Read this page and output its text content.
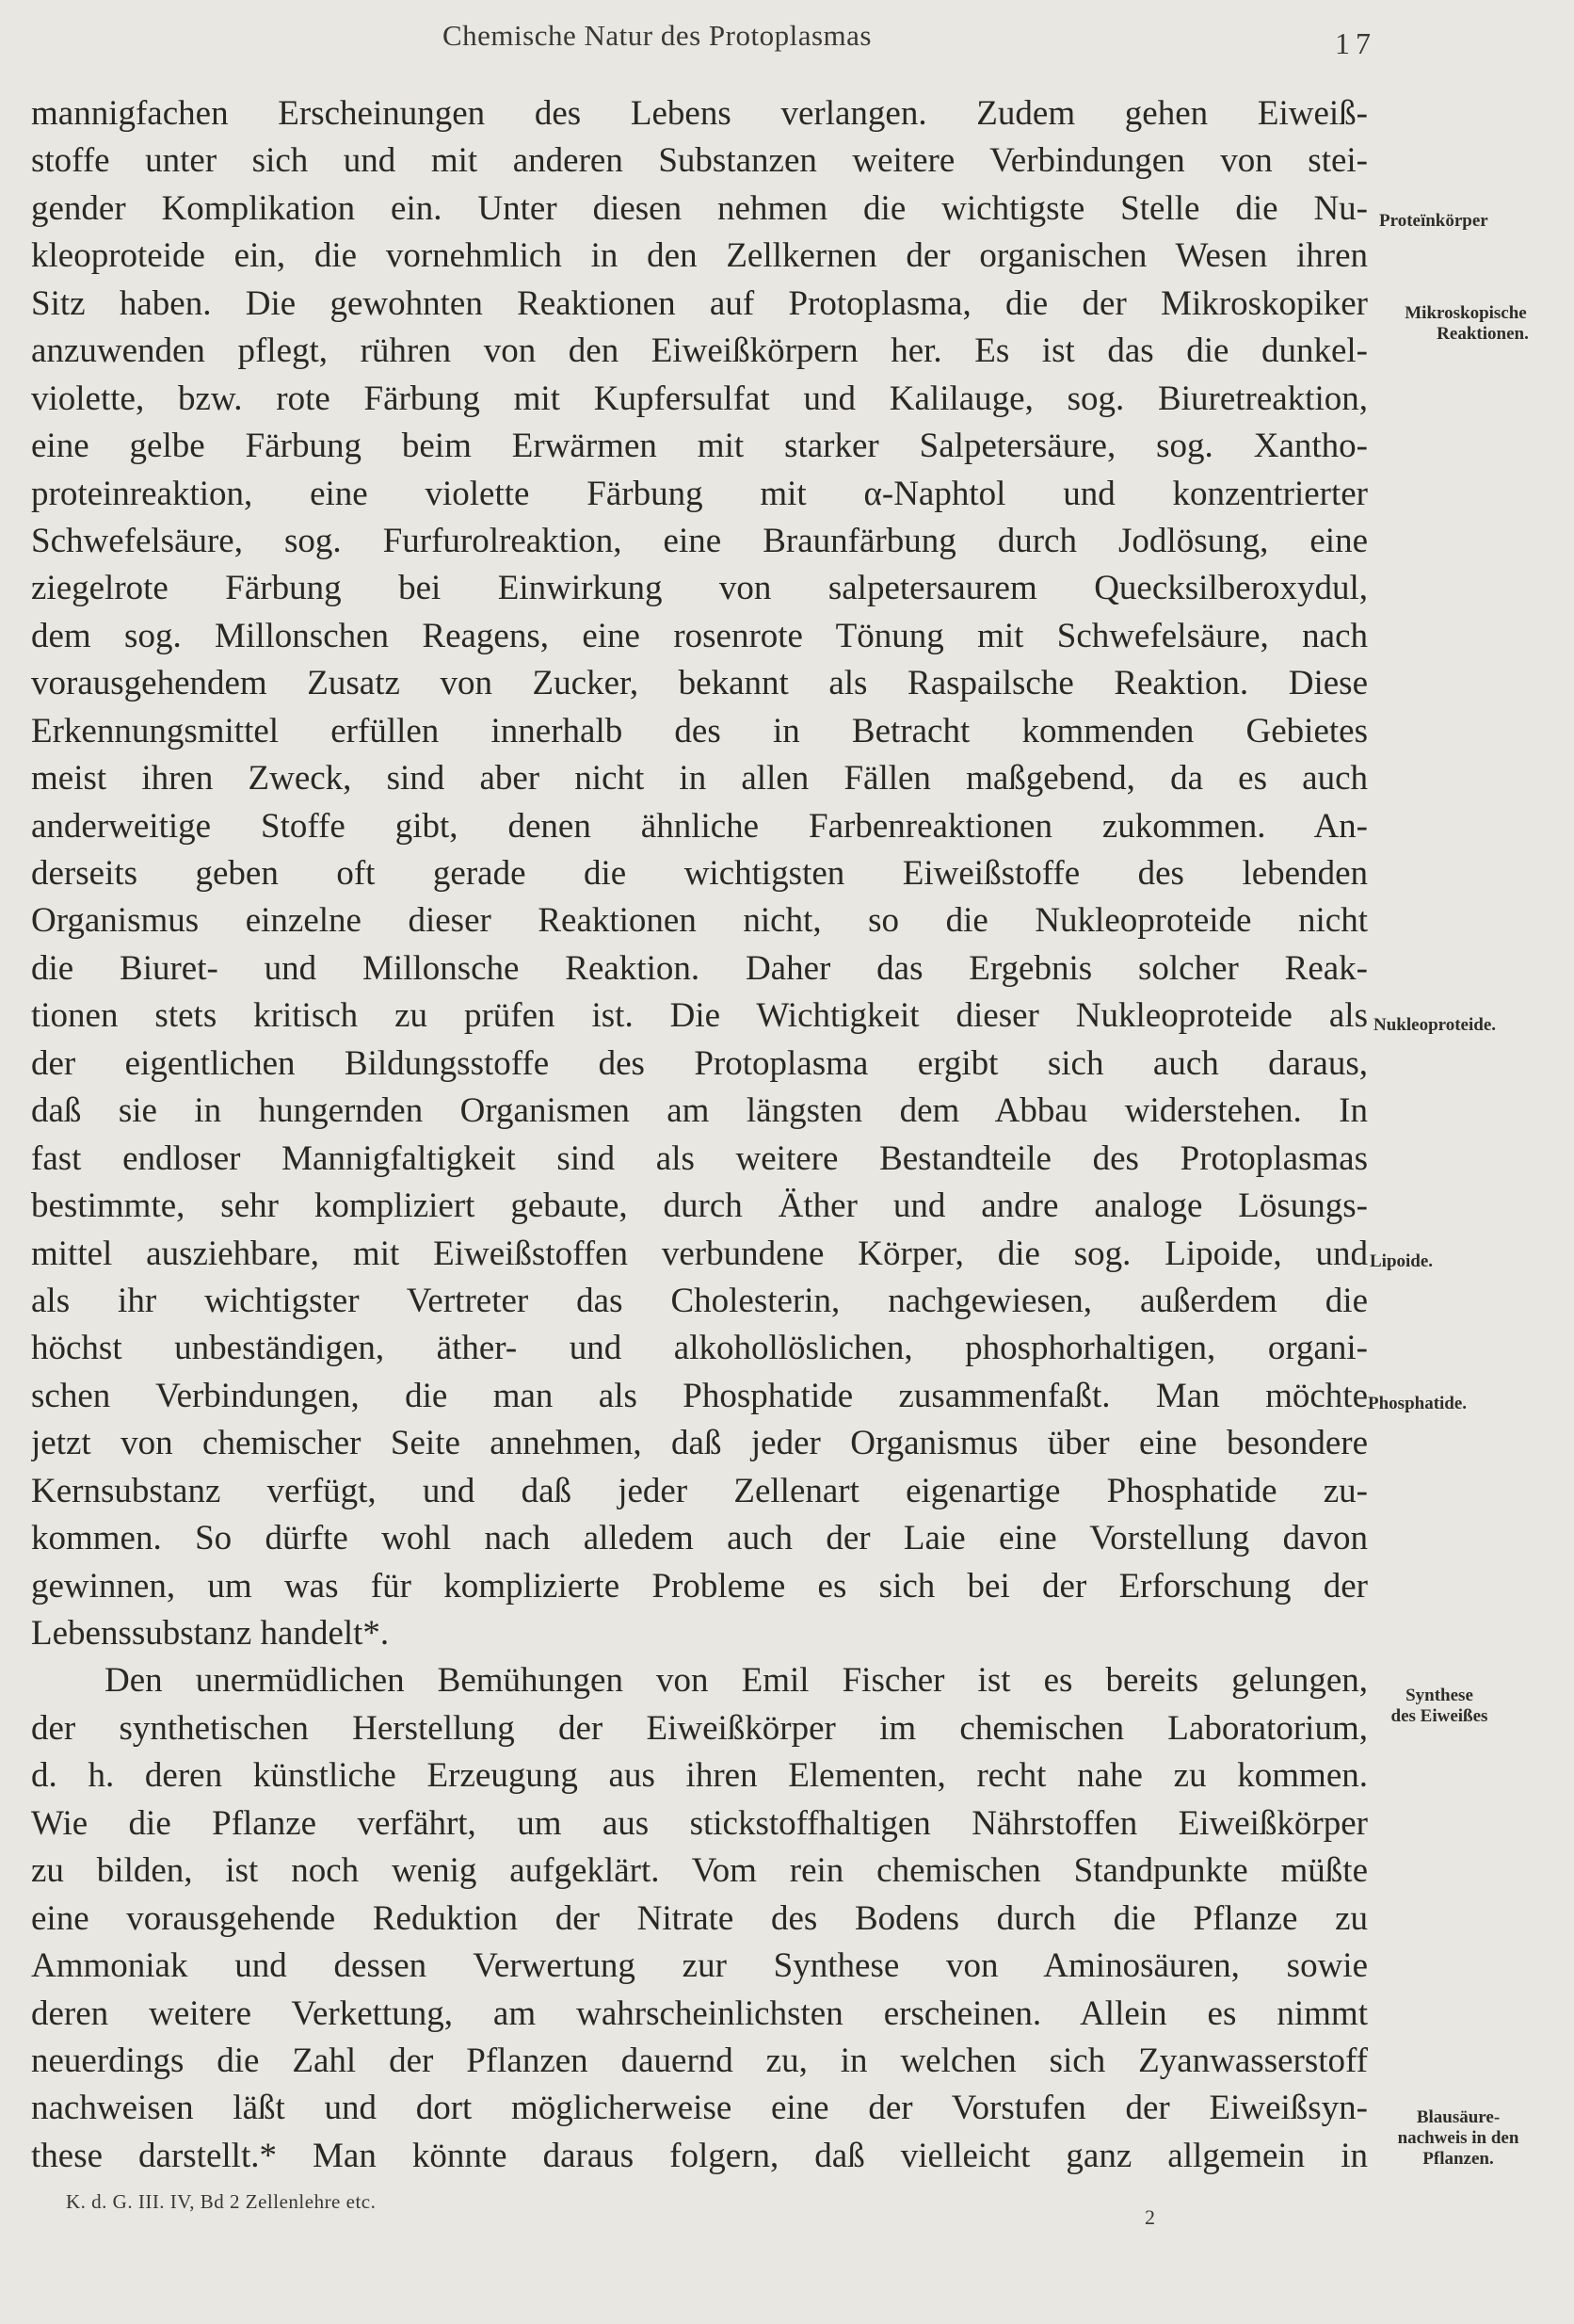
Chemische Natur des Protoplasmas	17
mannigfachen Erscheinungen des Lebens verlangen. Zudem gehen Eiweiß-
stoffe unter sich und mit anderen Substanzen weitere Verbindungen von stei-
gender Komplikation ein. Unter diesen nehmen die wichtigste Stelle die Nu-
kleoproteide ein, die vornehmlich in den Zellkernen der organischen Wesen ihren
Sitz haben. Die gewohnten Reaktionen auf Protoplasma, die der Mikroskopiker
anzuwenden pflegt, rühren von den Eiweißkörpern her. Es ist das die dunkel-
violette, bzw. rote Färbung mit Kupfersulfat und Kalilauge, sog. Biuretreaktion,
eine gelbe Färbung beim Erwärmen mit starker Salpetersäure, sog. Xantho-
proteinreaktion, eine violette Färbung mit α-Naphtol und konzentrierter
Schwefelsäure, sog. Furfurolreaktion, eine Braunfärbung durch Jodlösung, eine
ziegelrote Färbung bei Einwirkung von salpetersaurem Quecksilberoxydul,
dem sog. Millonschen Reagens, eine rosenrote Tönung mit Schwefelsäure, nach
vorausgehendem Zusatz von Zucker, bekannt als Raspailsche Reaktion. Diese
Erkennungsmittel erfüllen innerhalb des in Betracht kommenden Gebietes
meist ihren Zweck, sind aber nicht in allen Fällen maßgebend, da es auch
anderweitige Stoffe gibt, denen ähnliche Farbenreaktionen zukommen. An-
derseits geben oft gerade die wichtigsten Eiweißstoffe des lebenden
Organismus einzelne dieser Reaktionen nicht, so die Nukleoproteide nicht
die Biuret- und Millonsche Reaktion. Daher das Ergebnis solcher Reak-
tionen stets kritisch zu prüfen ist. Die Wichtigkeit dieser Nukleoproteide als
der eigentlichen Bildungsstoffe des Protoplasma ergibt sich auch daraus,
daß sie in hungernden Organismen am längsten dem Abbau widerstehen. In
fast endloser Mannigfaltigkeit sind als weitere Bestandteile des Protoplasmas
bestimmte, sehr kompliziert gebaute, durch Äther und andre analoge Lösungs-
mittel ausziehbare, mit Eiweißstoffen verbundene Körper, die sog. Lipoide, und
als ihr wichtigster Vertreter das Cholesterin, nachgewiesen, außerdem die
höchst unbeständigen, äther- und alkohollöslichen, phosphorhaltigen, organi-
schen Verbindungen, die man als Phosphatide zusammenfaßt. Man möchte
jetzt von chemischer Seite annehmen, daß jeder Organismus über eine besondere
Kernsubstanz verfügt, und daß jeder Zellenart eigenartige Phosphatide zu-
kommen. So dürfte wohl nach alledem auch der Laie eine Vorstellung davon
gewinnen, um was für komplizierte Probleme es sich bei der Erforschung der
Lebenssubstanz handelt*.
Den unermüdlichen Bemühungen von Emil Fischer ist es bereits gelungen,
der synthetischen Herstellung der Eiweißkörper im chemischen Laboratorium,
d. h. deren künstliche Erzeugung aus ihren Elementen, recht nahe zu kommen.
Wie die Pflanze verfährt, um aus stickstoffhaltigen Nährstoffen Eiweißkörper
zu bilden, ist noch wenig aufgeklärt. Vom rein chemischen Standpunkte müßte
eine vorausgehende Reduktion der Nitrate des Bodens durch die Pflanze zu
Ammoniak und dessen Verwertung zur Synthese von Aminosäuren, sowie
deren weitere Verkettung, am wahrscheinlichsten erscheinen. Allein es nimmt
neuerdings die Zahl der Pflanzen dauernd zu, in welchen sich Zyanwasserstoff
nachweisen läßt und dort möglicherweise eine der Vorstufen der Eiweißsyn-
these darstellt.* Man könnte daraus folgern, daß vielleicht ganz allgemein in
Proteïnkörper
Mikroskopische
Reaktionen.
Nukleoproteide.
Lipoide.
Phosphatide.
Synthese
des Eiweißes
Blausäure-
nachweis in den
Pflanzen.
K. d. G. III. IV, Bd 2 Zellenlehre etc.
2
